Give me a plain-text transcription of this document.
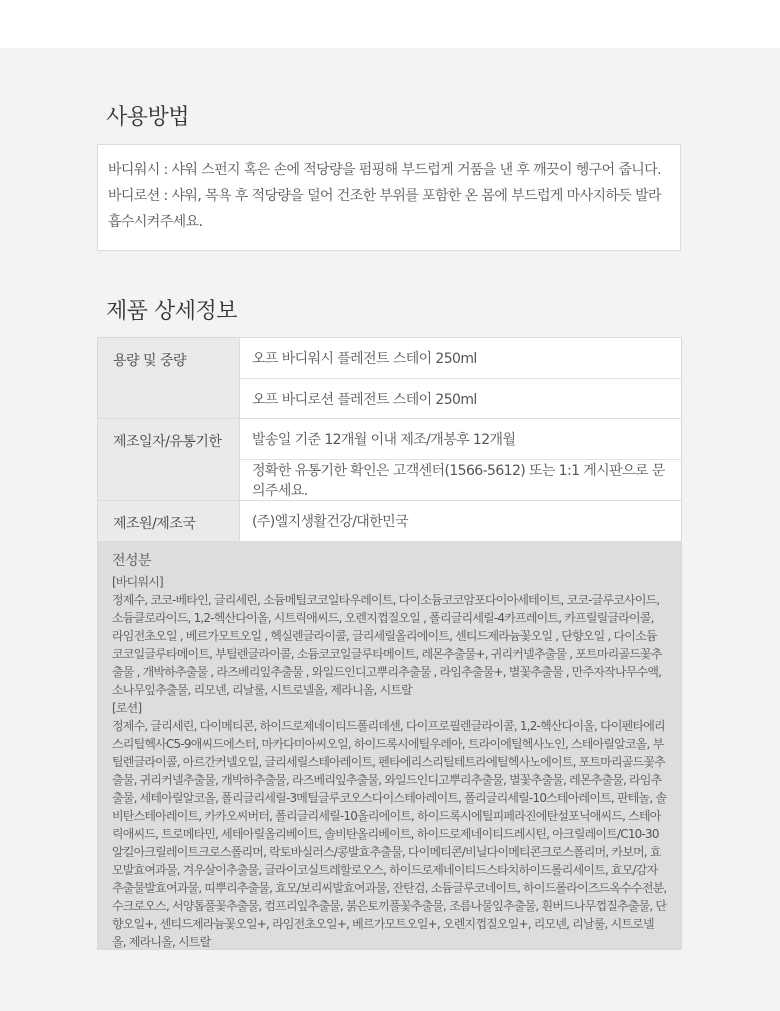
사용방법

바디워시 : 샤워 스펀지 혹은 손에 적당량을 펌핑해 부드럽게 거품을 낸 후 깨끗이 헹구어 줍니다.

바디로션 : 샤워, 목욕 후 적당량을 덜어 건조한 부위를 포함한 온 몸에 부드럽게 마사지하듯 발라 흡수시켜주세요.

제품 상세정보
용량 및 중량	오프 바디워시 플레전트 스테이 250ml
오프 바디로션 플레전트 스테이 250ml
제조일자/유통기한	발송일 기준 12개월 이내 제조/개봉후 12개월
정확한 유통기한 확인은 고객센터(1566-5612) 또는 1:1 게시판으로 문의주세요.
제조원/제조국	(주)엘지생활건강/대한민국
전성분

[바디워시]

정제수, 코코-베타인, 글리세린, 소듐메틸코코일타우레이트, 다이소듐코코암포다이아세테이트, 코코-글루코사이드, 소듐클로라이드, 1,2-헥산다이올, 시트릭애씨드, 오렌지껍질오일 , 폴리글리세릴-4카프레이트, 카프릴릴글라이콜, 라임전초오일 , 베르가모트오일 , 헥실렌글라이콜, 글리세릴올리에이트, 센티드제라늄꽃오일 , 단향오일 , 다이소듐코코일글루타메이트, 부틸렌글라이콜, 소듐코코일글루타메이트, 레몬추출물+, 귀리커넬추출물 , 포트마리골드꽃추출물 , 개박하추출물 , 라즈베리잎추출물 , 와일드인디고뿌리추출물 , 라임추출물+, 별꽃추출물 , 만주자작나무수액, 소나무잎추출물, 리모넨, 리날룰, 시트로넬올, 제라니올, 시트랄

[로션]

정제수, 글리세린, 다이메티콘, 하이드로제네이티드폴리데센, 다이프로필렌글라이콜, 1,2-헥산다이올, 다이펜타에리스리틸헥사C5-9애씨드에스터, 마카다미아씨오일, 하이드록시에틸우레아, 트라이에틸헥사노인, 스테아릴알코올, 부틸렌글라이콜, 아르간커넬오일, 글리세릴스테아레이트, 펜타에리스리틸테트라에틸헥사노에이트, 포트마리골드꽃추출물, 귀리커넬추출물, 개박하추출물, 라즈베리잎추출물, 와일드인디고뿌리추출물, 별꽃추출물, 레몬추출물, 라임추출물, 세테아릴알코올, 폴리글리세릴-3메틸글루코오스다이스테아레이트, 폴리글리세릴-10스테아레이트, 판테놀, 솔비탄스테아레이트, 카카오씨버터, 폴리글리세릴-10올리에이트, 하이드록시에틸피페라진에탄설포닉애씨드, 스테아릭애씨드, 트로메타민, 세테아릴올리베이트, 솔비탄올리베이트, 하이드로제네이티드레시틴, 아크릴레이트/C10-30알킬아크릴레이트크로스폴리머, 락토바실러스/콩발효추출물, 다이메티콘/비닐다이메티콘크로스폴리머, 카보머, 효모발효여과물, 겨우살이추출물, 글라이코실트레할로오스, 하이드로제네이티드스타치하이드롤리세이트, 효모/감자추출물발효여과물, 띠뿌리추출물, 효모/보리씨발효여과물, 잔탄검, 소듐글루코네이트, 하이드롤라이즈드옥수수전분, 수크로오스, 서양톱풀꽃추출물, 컴프리잎추출물, 붉은토끼풀꽃추출물, 조름나물잎추출물, 흰버드나무껍질추출물, 단향오일+, 센티드제라늄꽃오일+, 라임전초오일+, 베르가모트오일+, 오렌지껍질오일+, 리모넨, 리날룰, 시트로넬올, 제라니올, 시트랄
